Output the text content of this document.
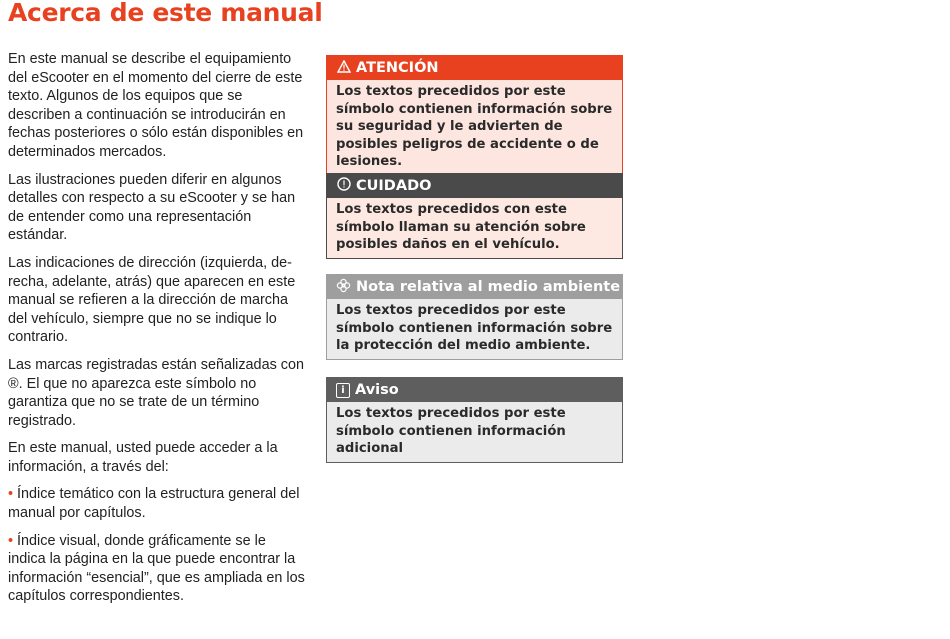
Acerca de este manual

En este manual se describe el equipamiento del eScooter en el momento del cierre de este texto. Algunos de los equipos que se describen a continuación se introducirán en fechas posteriores o sólo están disponibles en determinados mercados.

Las ilustraciones pueden diferir en algunos detalles con respecto a su eScooter y se han de entender como una representación estándar.

Las indicaciones de dirección (izquierda, de-recha, adelante, atrás) que aparecen en este manual se refieren a la dirección de marcha del vehículo, siempre que no se indique lo contrario.

Las marcas registradas están señalizadas con ®. El que no aparezca este símbolo no garantiza que no se trate de un término registrado.

En este manual, usted puede acceder a la información, a través del:

• Índice temático con la estructura general del manual por capítulos.
• Índice visual, donde gráficamente se le indica la página en la que puede encontrar la información “esencial”, que es ampliada en los capítulos correspondientes.
ATENCIÓN
Los textos precedidos por este símbolo contienen información sobre su seguridad y le advierten de posibles peligros de accidente o de lesiones.
CUIDADO
Los textos precedidos con este símbolo llaman su atención sobre posibles daños en el vehículo.
Nota relativa al medio ambiente
Los textos precedidos por este símbolo contienen información sobre la protección del medio ambiente.
i Aviso
Los textos precedidos por este símbolo contienen información adicional
